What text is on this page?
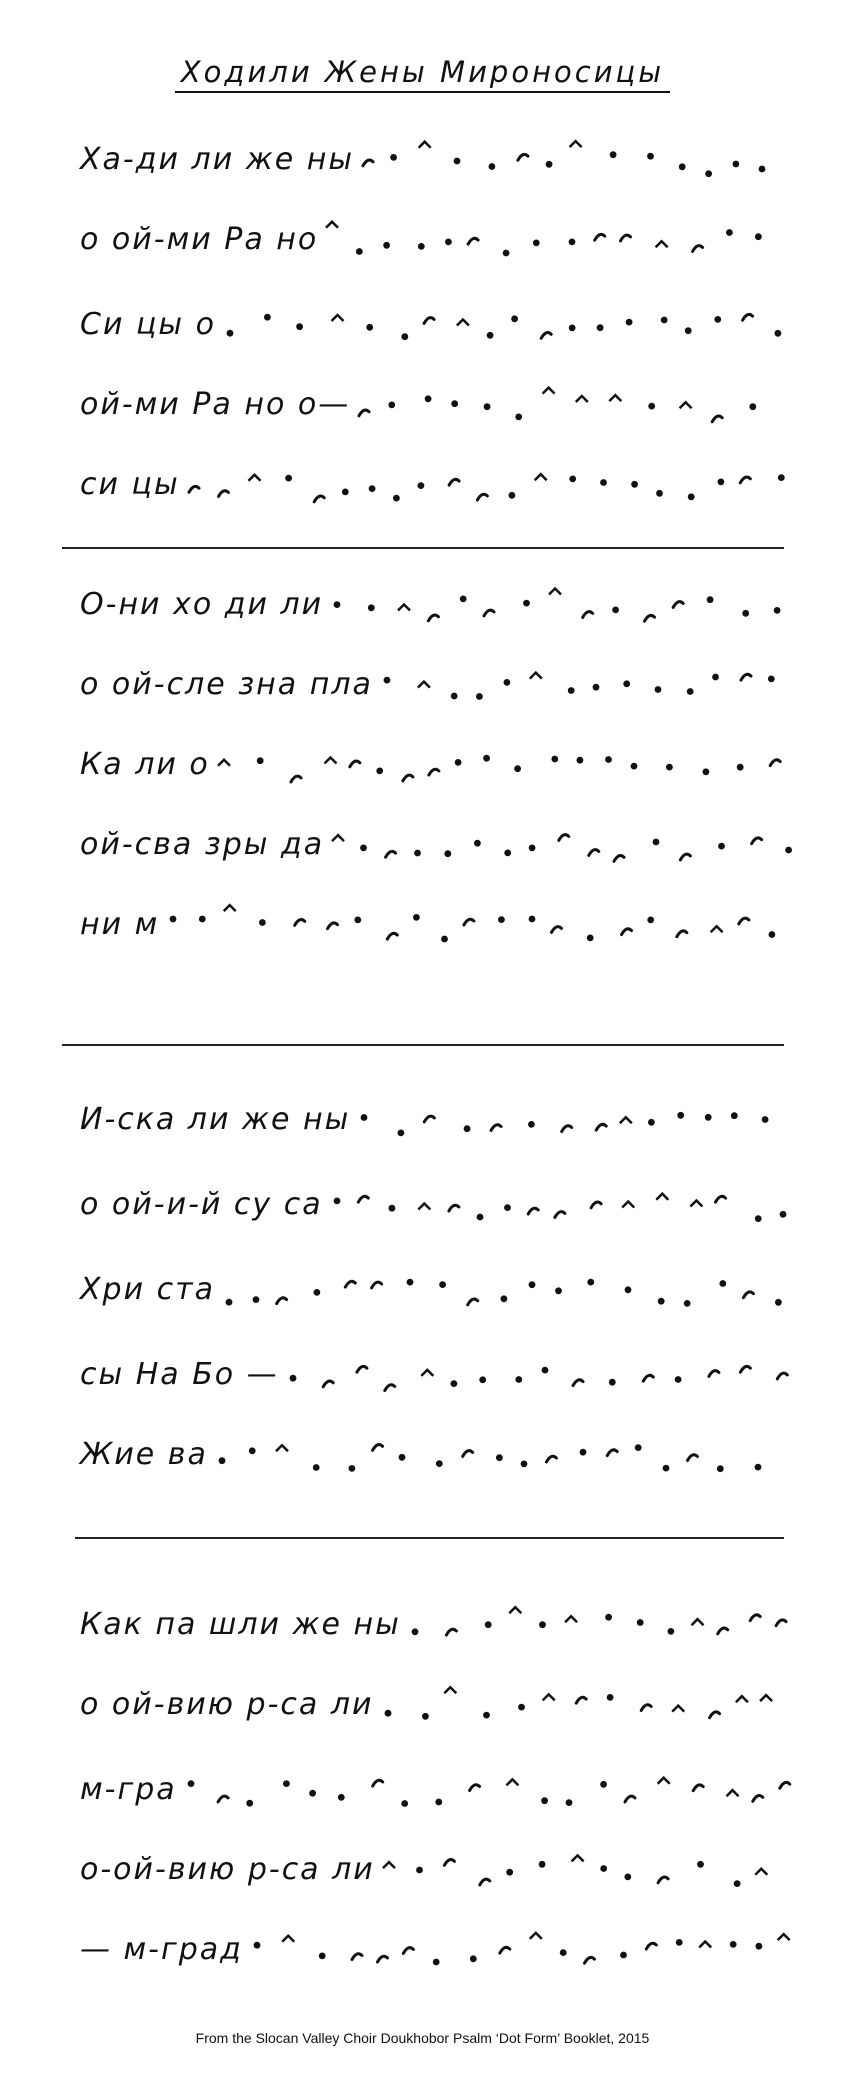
Ходили Жены Мироносицы
Ха-ди ли же ны
о ой-ми Ра но
Си цы о
ой-ми Ра но о—
си цы
О-ни хо ди ли
о ой-сле зна пла
Ка ли о
ой-сва зры да
ни м
И-ска ли же ны
о ой-и-й су са
Хри ста
сы На Бо —
Жие ва
Как па шли же ны
о ой-вию р-са ли
м-гра
о-ой-вию р-са ли
— м-град
From the Slocan Valley Choir Doukhobor Psalm ‘Dot Form’ Booklet, 2015
